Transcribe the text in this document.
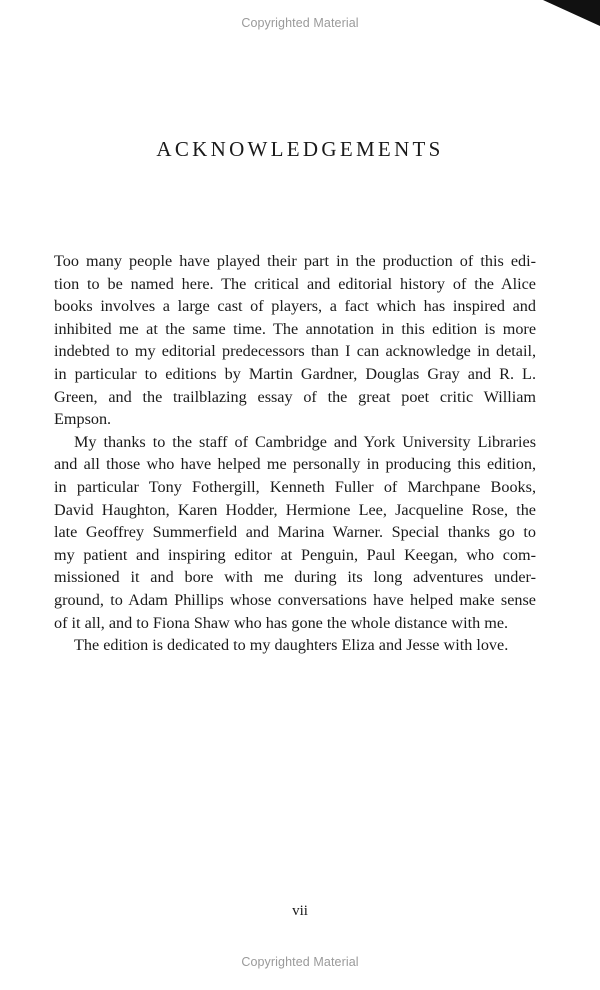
Copyrighted Material
ACKNOWLEDGEMENTS
Too many people have played their part in the production of this edi-
tion to be named here. The critical and editorial history of the Alice
books involves a large cast of players, a fact which has inspired and
inhibited me at the same time. The annotation in this edition is more
indebted to my editorial predecessors than I can acknowledge in detail,
in particular to editions by Martin Gardner, Douglas Gray and R. L.
Green, and the trailblazing essay of the great poet critic William
Empson.
My thanks to the staff of Cambridge and York University Libraries
and all those who have helped me personally in producing this edition,
in particular Tony Fothergill, Kenneth Fuller of Marchpane Books,
David Haughton, Karen Hodder, Hermione Lee, Jacqueline Rose, the
late Geoffrey Summerfield and Marina Warner. Special thanks go to
my patient and inspiring editor at Penguin, Paul Keegan, who com-
missioned it and bore with me during its long adventures under-
ground, to Adam Phillips whose conversations have helped make sense
of it all, and to Fiona Shaw who has gone the whole distance with me.
The edition is dedicated to my daughters Eliza and Jesse with love.
vii
Copyrighted Material
